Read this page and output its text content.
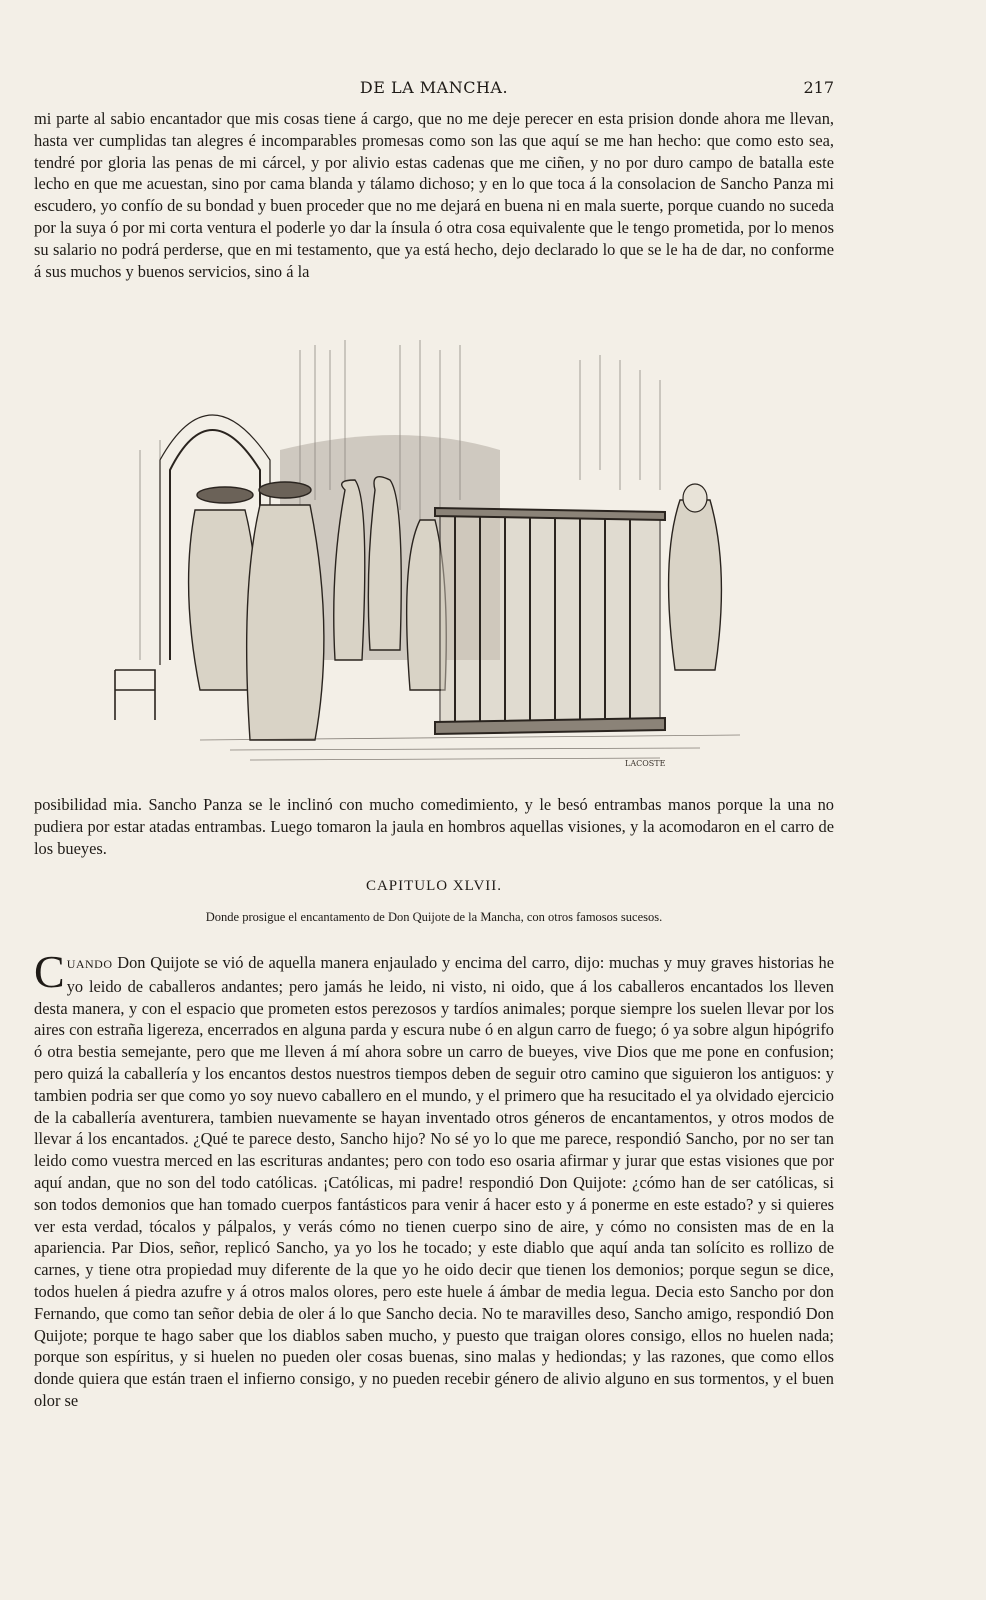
DE LA MANCHA.	217
mi parte al sabio encantador que mis cosas tiene á cargo, que no me deje perecer en esta prision donde ahora me llevan, hasta ver cumplidas tan alegres é incomparables promesas como son las que aquí se me han hecho: que como esto sea, tendré por gloria las penas de mi cárcel, y por alivio estas cadenas que me ciñen, y no por duro campo de batalla este lecho en que me acuestan, sino por cama blanda y tálamo dichoso; y en lo que toca á la consolacion de Sancho Panza mi escudero, yo confío de su bondad y buen proceder que no me dejará en buena ni en mala suerte, porque cuando no suceda por la suya ó por mi corta ventura el poderle yo dar la ínsula ó otra cosa equivalente que le tengo prometida, por lo menos su salario no podrá perderse, que en mi testamento, que ya está hecho, dejo declarado lo que se le ha de dar, no conforme á sus muchos y buenos servicios, sino á la
LACOSTE
posibilidad mia. Sancho Panza se le inclinó con mucho comedimiento, y le besó entrambas manos porque la una no pudiera por estar atadas entrambas. Luego tomaron la jaula en hombros aquellas visiones, y la acomodaron en el carro de los bueyes.
CAPITULO XLVII.
Donde prosigue el encantamento de Don Quijote de la Mancha, con otros famosos sucesos.
CUANDO Don Quijote se vió de aquella manera enjaulado y encima del carro, dijo: muchas y muy graves historias he yo leido de caballeros andantes; pero jamás he leido, ni visto, ni oido, que á los caballeros encantados los lleven desta manera, y con el espacio que prometen estos perezosos y tardíos animales; porque siempre los suelen llevar por los aires con estraña ligereza, encerrados en alguna parda y escura nube ó en algun carro de fuego; ó ya sobre algun hipógrifo ó otra bestia semejante, pero que me lleven á mí ahora sobre un carro de bueyes, vive Dios que me pone en confusion; pero quizá la caballería y los encantos destos nuestros tiempos deben de seguir otro camino que siguieron los antiguos: y tambien podria ser que como yo soy nuevo caballero en el mundo, y el primero que ha resucitado el ya olvidado ejercicio de la caballería aventurera, tambien nuevamente se hayan inventado otros géneros de encantamentos, y otros modos de llevar á los encantados. ¿Qué te parece desto, Sancho hijo? No sé yo lo que me parece, respondió Sancho, por no ser tan leido como vuestra merced en las escrituras andantes; pero con todo eso osaria afirmar y jurar que estas visiones que por aquí andan, que no son del todo católicas. ¡Católicas, mi padre! respondió Don Quijote: ¿cómo han de ser católicas, si son todos demonios que han tomado cuerpos fantásticos para venir á hacer esto y á ponerme en este estado? y si quieres ver esta verdad, tócalos y pálpalos, y verás cómo no tienen cuerpo sino de aire, y cómo no consisten mas de en la apariencia. Par Dios, señor, replicó Sancho, ya yo los he tocado; y este diablo que aquí anda tan solícito es rollizo de carnes, y tiene otra propiedad muy diferente de la que yo he oido decir que tienen los demonios; porque segun se dice, todos huelen á piedra azufre y á otros malos olores, pero este huele á ámbar de media legua. Decia esto Sancho por don Fernando, que como tan señor debia de oler á lo que Sancho decia. No te maravilles deso, Sancho amigo, respondió Don Quijote; porque te hago saber que los diablos saben mucho, y puesto que traigan olores consigo, ellos no huelen nada; porque son espíritus, y si huelen no pueden oler cosas buenas, sino malas y hediondas; y las razones, que como ellos donde quiera que están traen el infierno consigo, y no pueden recebir género de alivio alguno en sus tormentos, y el buen olor se
